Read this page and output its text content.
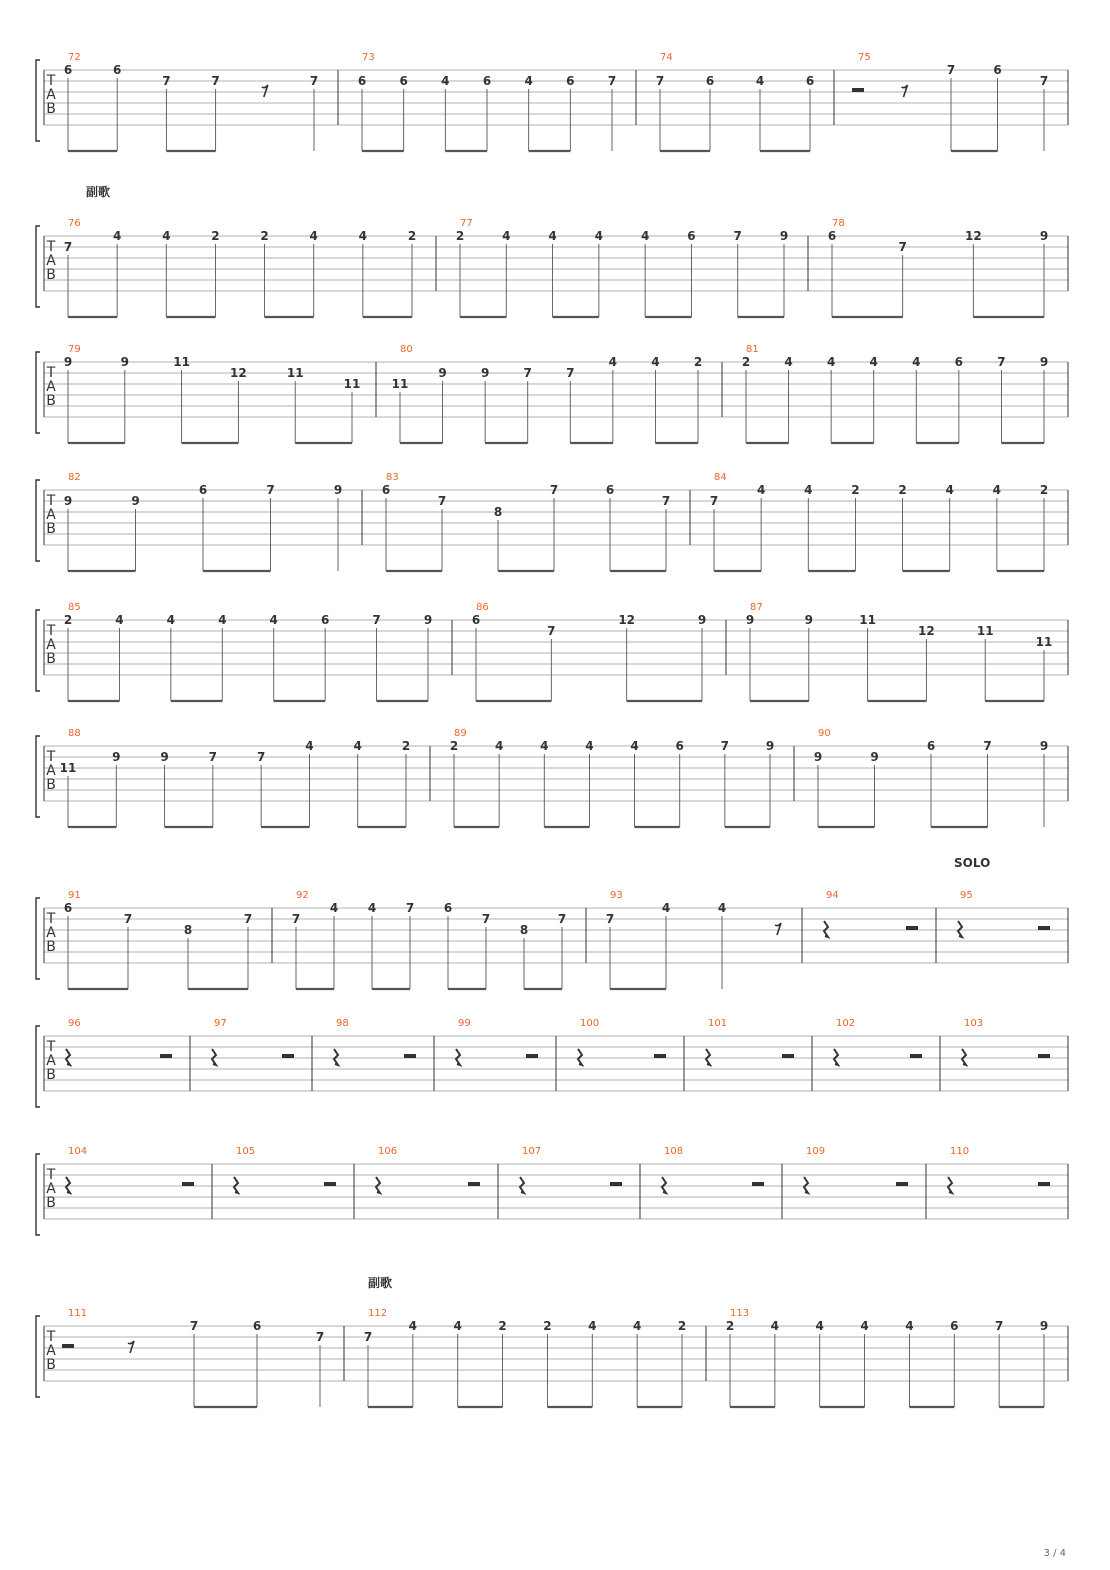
T
A
B
72
6	6
7	7	7
73
6	6	4	6	4	6	7
74
7	6	4	6
75
7	6
7
T
A
B
76
7
4	4	2	2	4	4	2
77
2	4	4	4	4	6	7	9
78
6
7
12	9
T
A
B
79
9	9	11
12	11
11
80
11
9	9	7	7
4	4	2
81
2	4	4	4	4	6	7	9
T
A
B
82
9	9
6	7	9
83
6
7
8
7	6
7
84
7
4	4	2	2	4	4	2
T
A
B
85
2	4	4	4	4	6	7	9
86
6
7
12	9
87
9	9	11
12	11
11
T
A
B
88
11
9	9	7	7
4	4	2
89
2	4	4	4	4	6	7	9
90
9	9
6	7	9
T
A
B
91
6
7
8
7
92
7
4 4 7 6
7
8
7
93
7
4	4
94	95
T
A
B
96	97	98	99	100	101	102	103
T
A
B
104	105	106	107	108	109	110
T
A
B
111
7	6
7
112
7
4	4	2	2	4	4	2
113
2	4	4	4	4	6	7	9
副歌
SOLO
副歌
3 / 4
